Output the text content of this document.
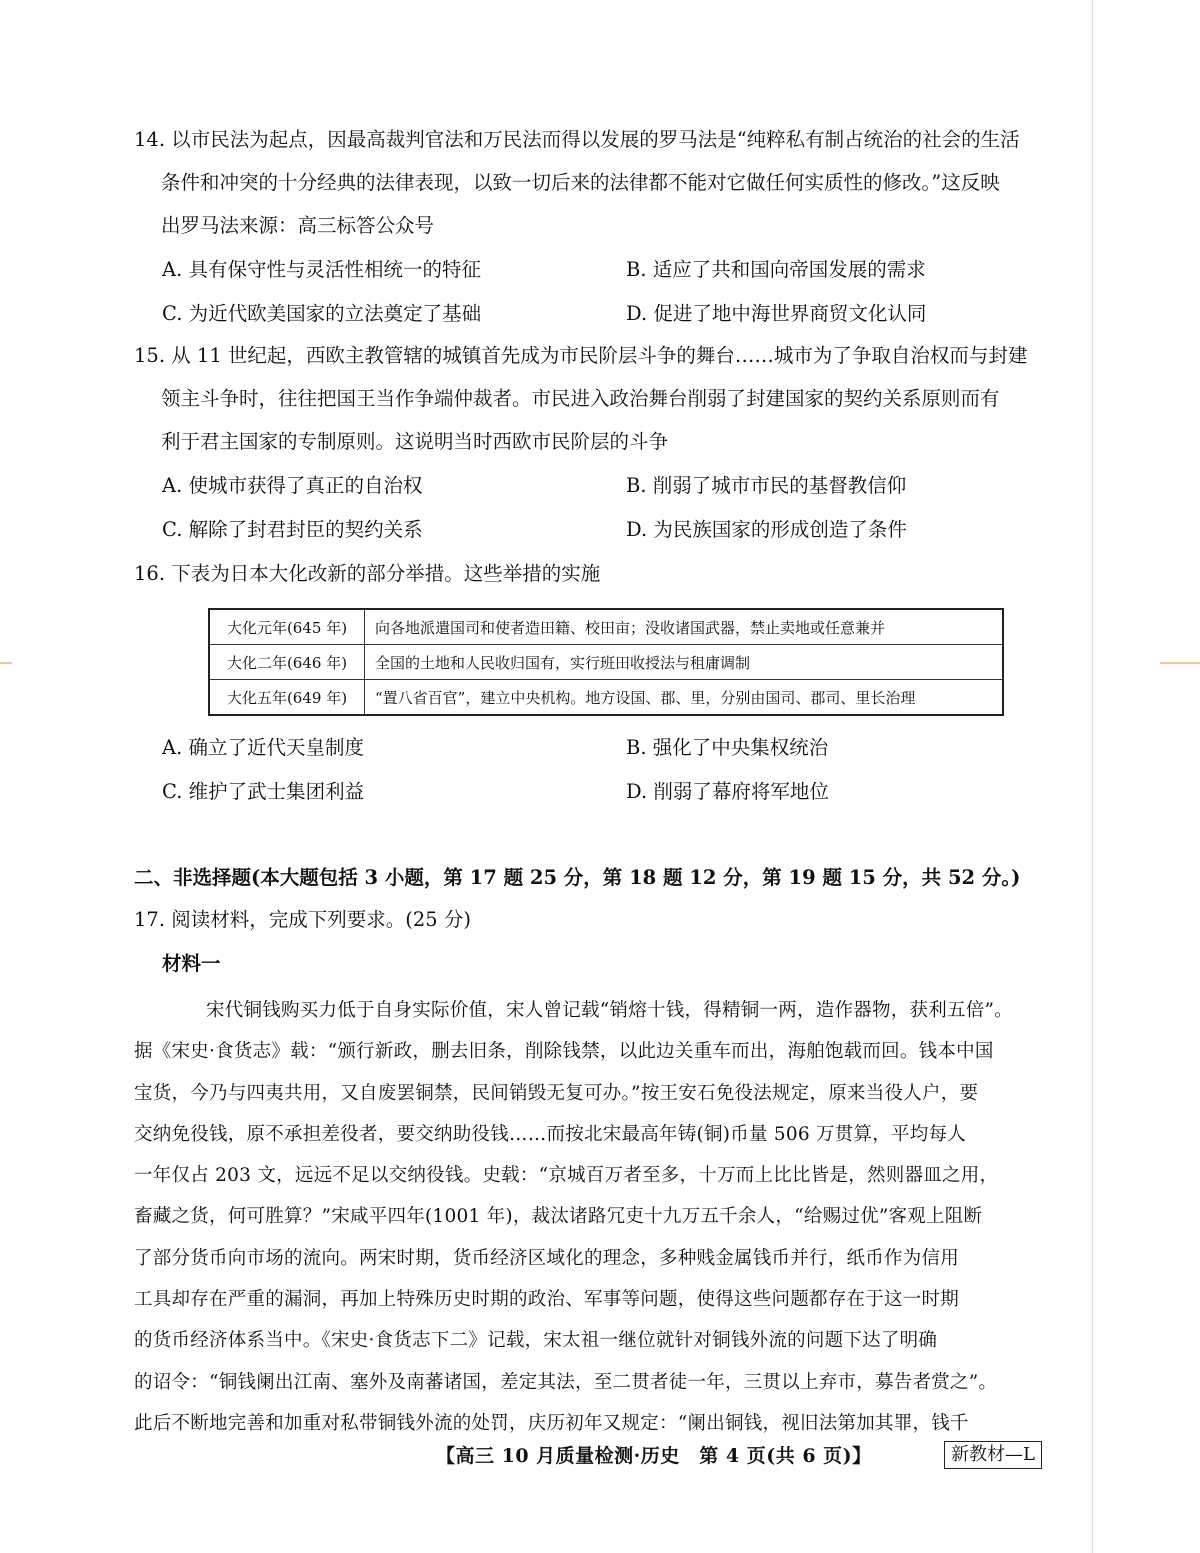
14. 以市民法为起点，因最高裁判官法和万民法而得以发展的罗马法是“纯粹私有制占统治的社会的生活
条件和冲突的十分经典的法律表现，以致一切后来的法律都不能对它做任何实质性的修改。”这反映
出罗马法来源：高三标答公众号
A. 具有保守性与灵活性相统一的特征	B. 适应了共和国向帝国发展的需求
C. 为近代欧美国家的立法奠定了基础	D. 促进了地中海世界商贸文化认同
15. 从 11 世纪起，西欧主教管辖的城镇首先成为市民阶层斗争的舞台……城市为了争取自治权而与封建
领主斗争时，往往把国王当作争端仲裁者。市民进入政治舞台削弱了封建国家的契约关系原则而有
利于君主国家的专制原则。这说明当时西欧市民阶层的斗争
A. 使城市获得了真正的自治权	B. 削弱了城市市民的基督教信仰
C. 解除了封君封臣的契约关系	D. 为民族国家的形成创造了条件
16. 下表为日本大化改新的部分举措。这些举措的实施
大化元年(645 年)	向各地派遣国司和使者造田籍、校田亩；没收诸国武器，禁止卖地或任意兼并
大化二年(646 年)	全国的土地和人民收归国有，实行班田收授法与租庸调制
大化五年(649 年)	“置八省百官”，建立中央机构。地方设国、郡、里，分别由国司、郡司、里长治理
A. 确立了近代天皇制度	B. 强化了中央集权统治
C. 维护了武士集团利益	D. 削弱了幕府将军地位
二、非选择题(本大题包括 3 小题，第 17 题 25 分，第 18 题 12 分，第 19 题 15 分，共 52 分。)
17. 阅读材料，完成下列要求。(25 分)
材料一
宋代铜钱购买力低于自身实际价值，宋人曾记载“销熔十钱，得精铜一两，造作器物，获利五倍”。
据《宋史·食货志》载：“颁行新政，删去旧条，削除钱禁，以此边关重车而出，海舶饱载而回。钱本中国
宝货，今乃与四夷共用，又自废罢铜禁，民间销毁无复可办。”按王安石免役法规定，原来当役人户，要
交纳免役钱，原不承担差役者，要交纳助役钱……而按北宋最高年铸(铜)币量 506 万贯算，平均每人
一年仅占 203 文，远远不足以交纳役钱。史载：“京城百万者至多，十万而上比比皆是，然则器皿之用，
畜藏之货，何可胜算？”宋咸平四年(1001 年)，裁汰诸路冗吏十九万五千余人，“给赐过优”客观上阻断
了部分货币向市场的流向。两宋时期，货币经济区域化的理念，多种贱金属钱币并行，纸币作为信用
工具却存在严重的漏洞，再加上特殊历史时期的政治、军事等问题，使得这些问题都存在于这一时期
的货币经济体系当中。《宋史·食货志下二》记载，宋太祖一继位就针对铜钱外流的问题下达了明确
的诏令：“铜钱阑出江南、塞外及南蕃诸国，差定其法，至二贯者徒一年，三贯以上弃市，募告者赏之”。
此后不断地完善和加重对私带铜钱外流的处罚，庆历初年又规定：“阑出铜钱，视旧法第加其罪，钱千
【高三 10 月质量检测·历史　第 4 页(共 6 页)】	新教材—L
